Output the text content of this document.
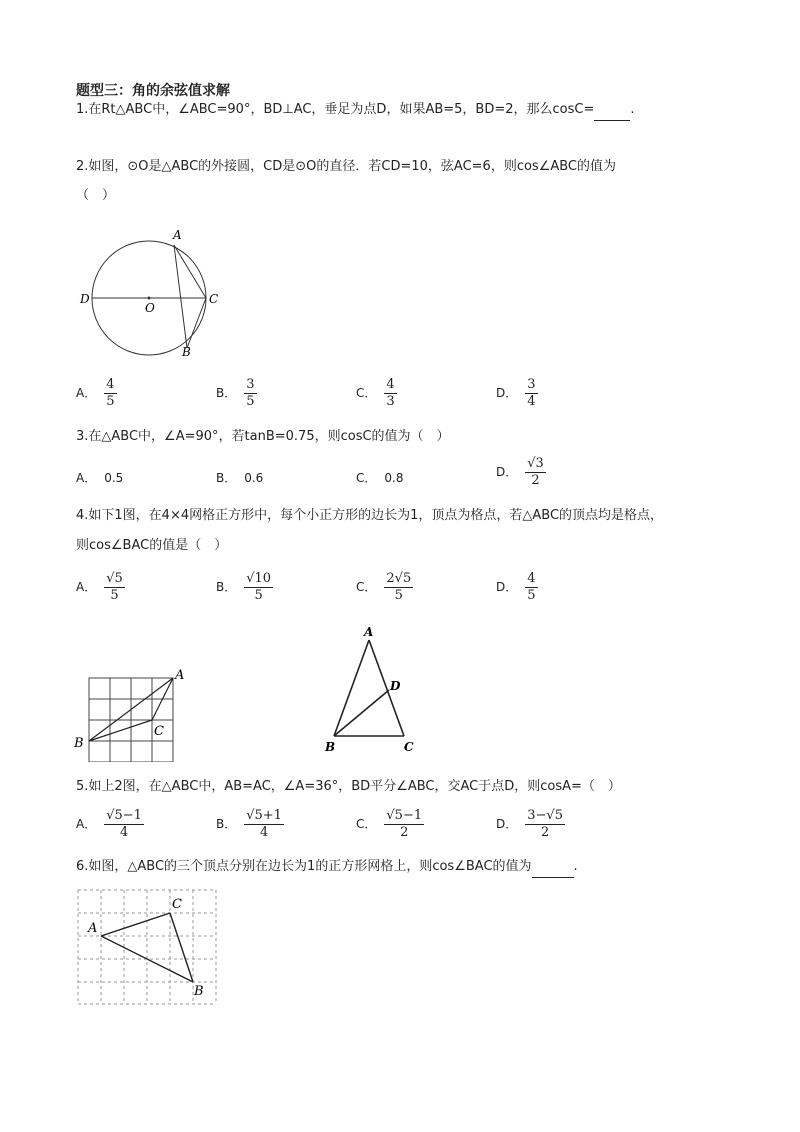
题型三：角的余弦值求解
1.在Rt△ABC中，∠ABC=90°，BD⊥AC，垂足为点D，如果AB=5，BD=2，那么cosC=	.
2.如图，⊙O是△ABC的外接圆，CD是⊙O的直径．若CD=10，弦AC=6，则cos∠ABC的值为
（　）
A
D	C
O
B
A． $\frac{4}{5}$	B． $\frac{3}{5}$	C． $\frac{4}{3}$	D． $\frac{3}{4}$
3.在△ABC中，∠A=90°，若tanB=0.75，则cosC的值为（　）
A． 0.5	B． 0.6	C． 0.8	D． $\frac{√3}{2}$
4.如下1图，在4×4网格正方形中，每个小正方形的边长为1，顶点为格点，若△ABC的顶点均是格点，
则cos∠BAC的值是（　）
A． $\frac{√5}{5}$	B． $\frac{√10}{5}$	C． $\frac{2√5}{5}$	D． $\frac{4}{5}$
A
B
C
A
D
B	C
5.如上2图，在△ABC中，AB=AC，∠A=36°，BD平分∠ABC，交AC于点D，则cosA=（　）
A． $\frac{√5-1}{4}$	B． $\frac{√5+1}{4}$	C． $\frac{√5-1}{2}$	D． $\frac{3-√5}{2}$
6.如图，△ABC的三个顶点分别在边长为1的正方形网格上，则cos∠BAC的值为	.
A
C
B
